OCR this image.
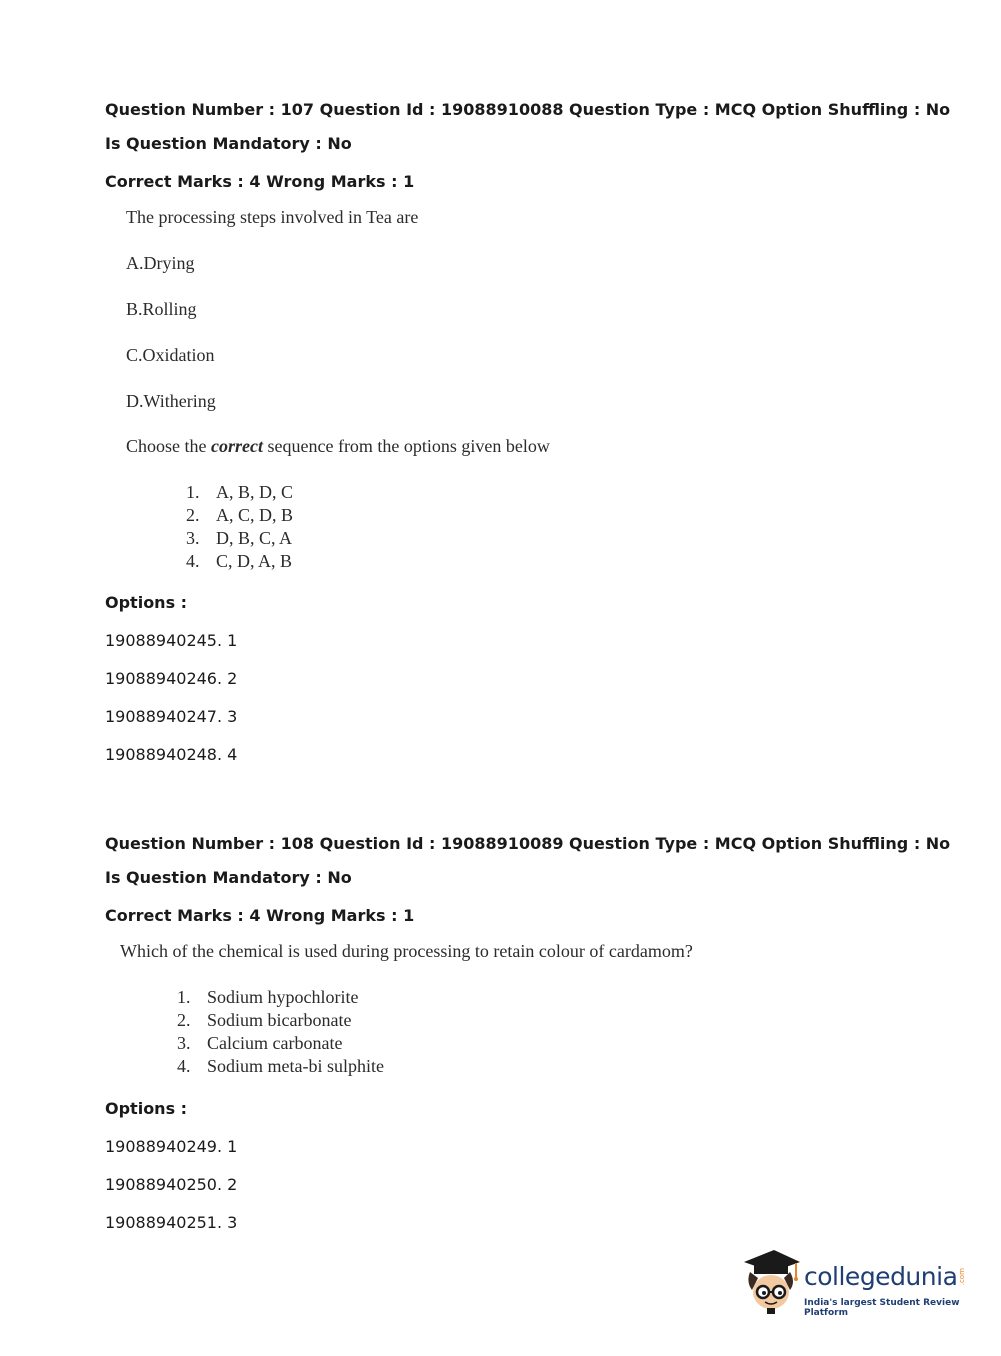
Question Number : 107 Question Id : 19088910088 Question Type : MCQ Option Shuffling : No

Is Question Mandatory : No

Correct Marks : 4 Wrong Marks : 1

The processing steps involved in Tea are
A.Drying
B.Rolling
C.Oxidation
D.Withering
Choose the correct sequence from the options given below
1. A, B, D, C
2. A, C, D, B
3. D, B, C, A
4. C, D, A, B
Options :
19088940245. 1
19088940246. 2
19088940247. 3
19088940248. 4

Question Number : 108 Question Id : 19088910089 Question Type : MCQ Option Shuffling : No

Is Question Mandatory : No

Correct Marks : 4 Wrong Marks : 1

Which of the chemical is used during processing to retain colour of cardamom?
1. Sodium hypochlorite
2. Sodium bicarbonate
3. Calcium carbonate
4. Sodium meta-bi sulphite
Options :
19088940249. 1
19088940250. 2
19088940251. 3
collegedunia .com
India's largest Student Review Platform
